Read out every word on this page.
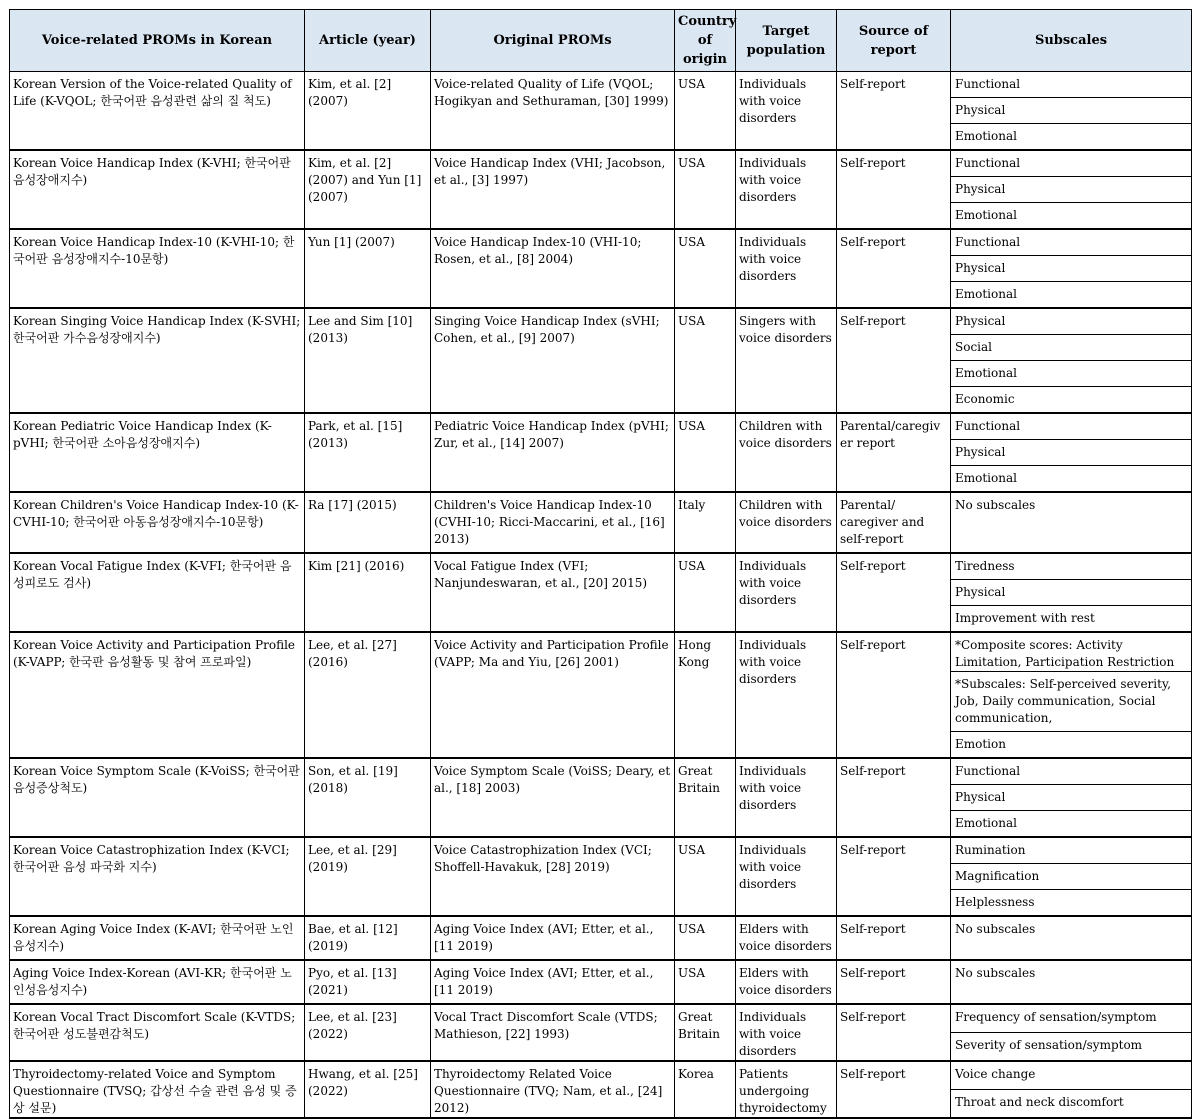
Voice-related PROMs in Korean	Article (year)	Original PROMs	Country of origin	Target population	Source of report	Subscales
Korean Version of the Voice-related Quality of Life (K-VQOL; 한국어판 음성관련 삶의 질 척도)	Kim, et al. [2] (2007)	Voice-related Quality of Life (VQOL; Hogikyan and Sethuraman, [30] 1999)	USA	Individuals with voice disorders	Self-report	Functional
						Physical
						Emotional
Korean Voice Handicap Index (K-VHI; 한국어판 음성장애지수)	Kim, et al. [2] (2007) and Yun [1] (2007)	Voice Handicap Index (VHI; Jacobson, et al., [3] 1997)	USA	Individuals with voice disorders	Self-report	Functional
						Physical
						Emotional
Korean Voice Handicap Index-10 (K-VHI-10; 한국어판 음성장애지수-10문항)	Yun [1] (2007)	Voice Handicap Index-10 (VHI-10; Rosen, et al., [8] 2004)	USA	Individuals with voice disorders	Self-report	Functional
						Physical
						Emotional
Korean Singing Voice Handicap Index (K-SVHI; 한국어판 가수음성장애지수)	Lee and Sim [10] (2013)	Singing Voice Handicap Index (sVHI; Cohen, et al., [9] 2007)	USA	Singers with voice disorders	Self-report	Physical
						Social
						Emotional
						Economic
Korean Pediatric Voice Handicap Index (K-pVHI; 한국어판 소아음성장애지수)	Park, et al. [15] (2013)	Pediatric Voice Handicap Index (pVHI; Zur, et al., [14] 2007)	USA	Children with voice disorders	Parental/caregiver report	Functional
						Physical
						Emotional
Korean Children's Voice Handicap Index-10 (K-CVHI-10; 한국어판 아동음성장애지수-10문항)	Ra [17] (2015)	Children's Voice Handicap Index-10 (CVHI-10; Ricci-Maccarini, et al., [16] 2013)	Italy	Children with voice disorders	Parental/ caregiver and self-report	No subscales
Korean Vocal Fatigue Index (K-VFI; 한국어판 음성피로도 검사)	Kim [21] (2016)	Vocal Fatigue Index (VFI; Nanjundeswaran, et al., [20] 2015)	USA	Individuals with voice disorders	Self-report	Tiredness
						Physical
						Improvement with rest
Korean Voice Activity and Participation Profile (K-VAPP; 한국판 음성활동 및 참여 프로파일)	Lee, et al. [27] (2016)	Voice Activity and Participation Profile (VAPP; Ma and Yiu, [26] 2001)	Hong Kong	Individuals with voice disorders	Self-report	*Composite scores: Activity Limitation, Participation Restriction
						*Subscales: Self-perceived severity, Job, Daily communication, Social communication,
						Emotion
Korean Voice Symptom Scale (K-VoiSS; 한국어판 음성증상척도)	Son, et al. [19] (2018)	Voice Symptom Scale (VoiSS; Deary, et al., [18] 2003)	Great Britain	Individuals with voice disorders	Self-report	Functional
						Physical
						Emotional
Korean Voice Catastrophization Index (K-VCI; 한국어판 음성 파국화 지수)	Lee, et al. [29] (2019)	Voice Catastrophization Index (VCI; Shoffell-Havakuk, [28] 2019)	USA	Individuals with voice disorders	Self-report	Rumination
						Magnification
						Helplessness
Korean Aging Voice Index (K-AVI; 한국어판 노인음성지수)	Bae, et al. [12] (2019)	Aging Voice Index (AVI; Etter, et al., [11 2019)	USA	Elders with voice disorders	Self-report	No subscales
Aging Voice Index-Korean (AVI-KR; 한국어판 노인성음성지수)	Pyo, et al. [13] (2021)	Aging Voice Index (AVI; Etter, et al., [11 2019)	USA	Elders with voice disorders	Self-report	No subscales
Korean Vocal Tract Discomfort Scale (K-VTDS; 한국어판 성도불편감척도)	Lee, et al. [23] (2022)	Vocal Tract Discomfort Scale (VTDS; Mathieson, [22] 1993)	Great Britain	Individuals with voice disorders	Self-report	Frequency of sensation/symptom
						Severity of sensation/symptom
Thyroidectomy-related Voice and Symptom Questionnaire (TVSQ; 갑상선 수술 관련 음성 및 증상 설문)	Hwang, et al. [25] (2022)	Thyroidectomy Related Voice Questionnaire (TVQ; Nam, et al., [24] 2012)	Korea	Patients undergoing thyroidectomy	Self-report	Voice change
						Throat and neck discomfort
